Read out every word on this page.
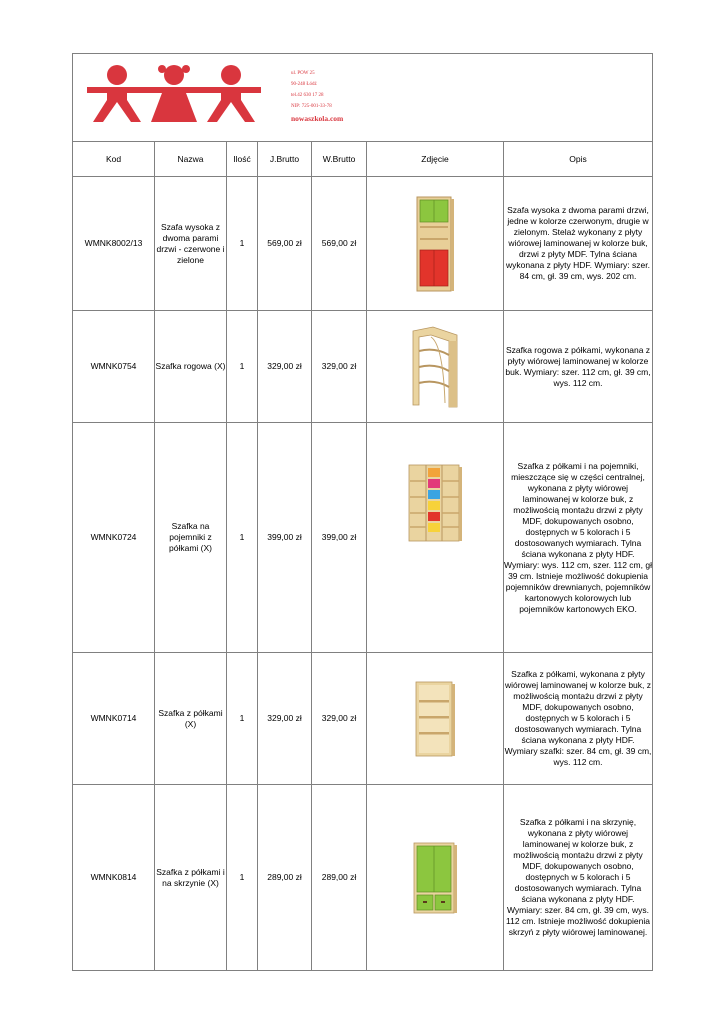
ul. POW 25
90-248 Łódź
tel.42 630 17 28
NIP: 725-001-33-78
nowaszkola.com						

Kod	Nazwa	Ilość	J.Brutto	W.Brutto	Zdjęcie	Opis
WMNK8002/13	Szafa wysoka z dwoma parami drzwi - czerwone i zielone	1	569,00 zł	569,00 zł		Szafa wysoka z dwoma parami drzwi, jedne w kolorze czerwonym, drugie w zielonym. Stelaż wykonany z płyty wiórowej laminowanej w kolorze buk, drzwi z płyty MDF. Tylna ściana wykonana z płyty HDF. Wymiary: szer. 84 cm, gł. 39 cm, wys. 202 cm.
WMNK0754	Szafka rogowa (X)	1	329,00 zł	329,00 zł		Szafka rogowa z półkami, wykonana z płyty wiórowej laminowanej w kolorze buk. Wymiary: szer. 112 cm, gł. 39 cm, wys. 112 cm.
WMNK0724	Szafka na pojemniki z półkami (X)	1	399,00 zł	399,00 zł		Szafka z półkami i na pojemniki, mieszczące się w części centralnej, wykonana z płyty wiórowej laminowanej w kolorze buk, z możliwością montażu drzwi z płyty MDF, dokupowanych osobno, dostępnych w 5 kolorach i 5 dostosowanych wymiarach. Tylna ściana wykonana z płyty HDF. Wymiary: wys. 112 cm, szer. 112 cm, gł 39 cm. Istnieje możliwość dokupienia pojemników drewnianych, pojemników kartonowych kolorowych lub pojemników kartonowych EKO.
WMNK0714	Szafka z półkami (X)	1	329,00 zł	329,00 zł		Szafka z półkami, wykonana z płyty wiórowej laminowanej w kolorze buk, z możliwością montażu drzwi z płyty MDF, dokupowanych osobno, dostępnych w 5 kolorach i 5 dostosowanych wymiarach. Tylna ściana wykonana z płyty HDF. Wymiary szafki: szer. 84 cm, gł. 39 cm, wys. 112 cm.
WMNK0814	Szafka z półkami i na skrzynie (X)	1	289,00 zł	289,00 zł		Szafka z półkami i na skrzynię, wykonana z płyty wiórowej laminowanej w kolorze buk, z możliwością montażu drzwi z płyty MDF, dokupowanych osobno, dostępnych w 5 kolorach i 5 dostosowanych wymiarach. Tylna ściana wykonana z płyty HDF. Wymiary: szer. 84 cm, gł. 39 cm, wys. 112 cm. Istnieje możliwość dokupienia skrzyń z płyty wiórowej laminowanej.
